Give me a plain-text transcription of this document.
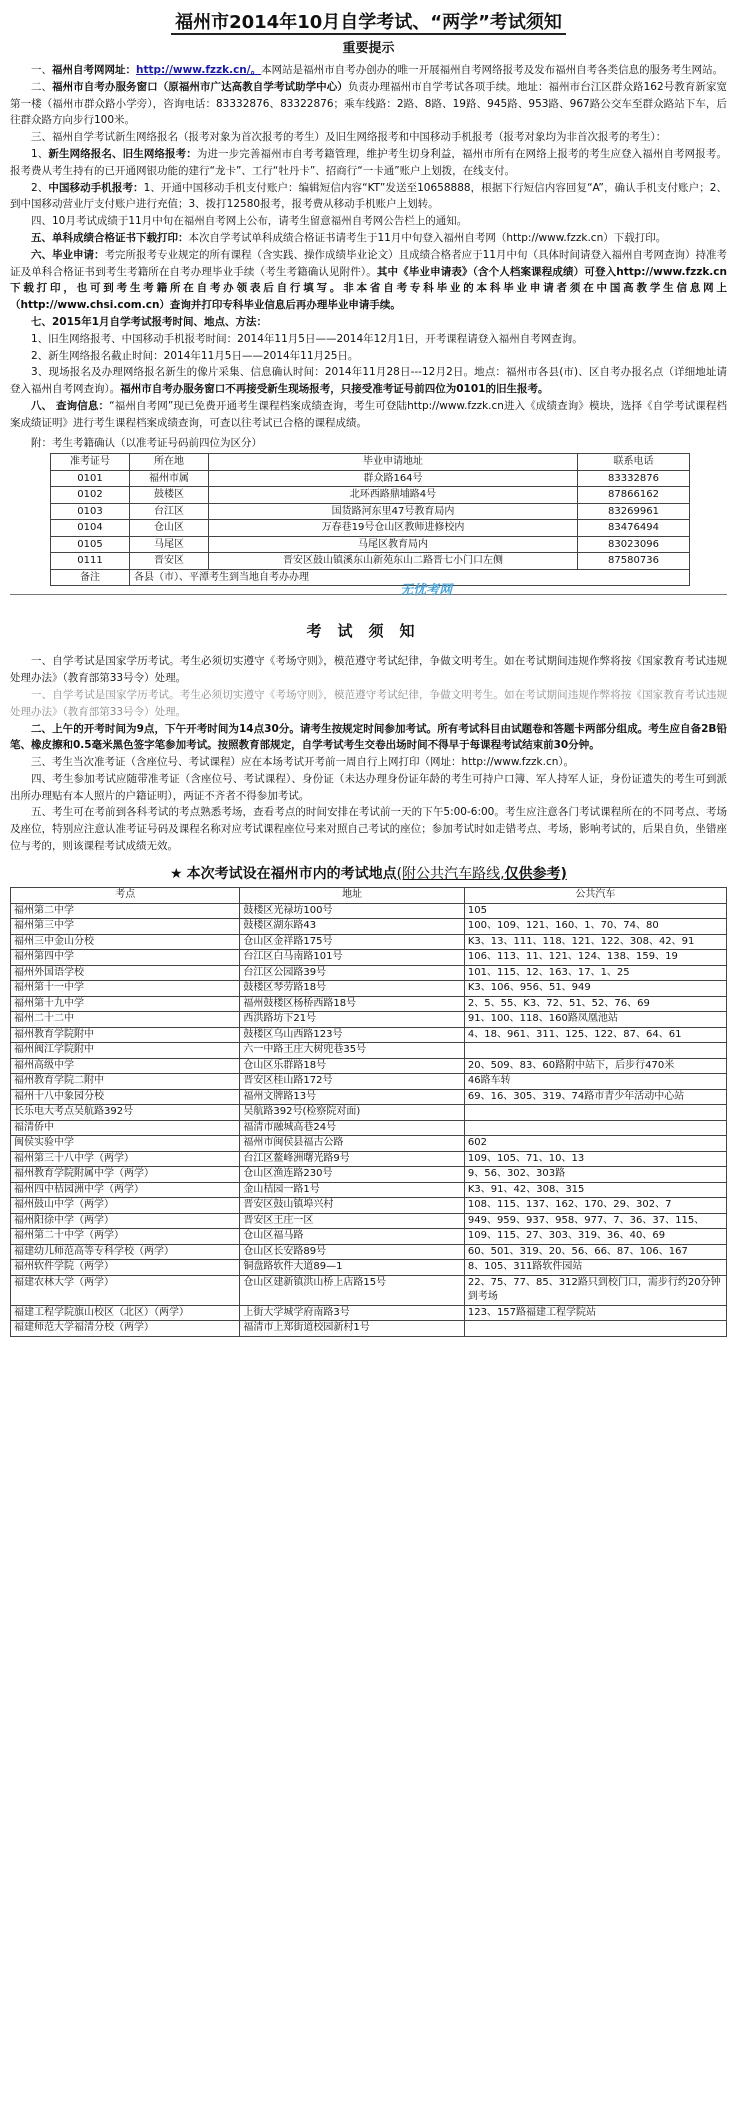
福州市2014年10月自学考试、“两学”考试须知
重要提示

一、福州自考网网址：http://www.fzzk.cn/。本网站是福州市自考办创办的唯一开展福州自考网络报考及发布福州自考各类信息的服务考生网站。

二、福州市自考办服务窗口（原福州市广达高教自学考试助学中心）负责办理福州市自学考试各项手续。地址：福州市台江区群众路162号教育新家宽第一楼（福州市群众路小学旁），咨询电话：83332876、83322876；乘车线路：2路、8路、19路、945路、953路、967路公交车至群众路站下车，后往群众路方向步行100米。

三、福州自学考试新生网络报名（报考对象为首次报考的考生）及旧生网络报考和中国移动手机报考（报考对象均为非首次报考的考生）：

1、新生网络报名、旧生网络报考：为进一步完善福州市自考考籍管理，维护考生切身利益，福州市所有在网络上报考的考生应登入福州自考网报考。报考费从考生持有的已开通网银功能的建行“龙卡”、工行“牡丹卡”、招商行“一卡通”账户上划拨，在线支付。

2、中国移动手机报考：1、开通中国移动手机支付账户：编辑短信内容“KT”发送至10658888，根据下行短信内容回复“A”，确认手机支付账户；2、到中国移动营业厅支付账户进行充值；3、拨打12580报考，报考费从移动手机账户上划转。

四、10月考试成绩于11月中旬在福州自考网上公布，请考生留意福州自考网公告栏上的通知。

五、单科成绩合格证书下载打印：本次自学考试单科成绩合格证书请考生于11月中旬登入福州自考网（http://www.fzzk.cn）下载打印。

六、毕业申请：考完所报考专业规定的所有课程（含实践、操作成绩毕业论文）且成绩合格者应于11月中旬（具体时间请登入福州自考网查询）持准考证及单科合格证书到考生考籍所在自考办理毕业手续（考生考籍确认见附件）。其中《毕业申请表》（含个人档案课程成绩）可登入http://www.fzzk.cn下载打印，也可到考生考籍所在自考办领表后自行填写。非本省自考专科毕业的本科毕业申请者须在中国高教学生信息网上（http://www.chsi.com.cn）查询并打印专科毕业信息后再办理毕业申请手续。

七、2015年1月自学考试报考时间、地点、方法：

1、旧生网络报考、中国移动手机报考时间：2014年11月5日——2014年12月1日，开考课程请登入福州自考网查询。

2、新生网络报名截止时间：2014年11月5日——2014年11月25日。

3、现场报名及办理网络报名新生的像片采集、信息确认时间：2014年11月28日---12月2日。地点：福州市各县(市)、区自考办报名点（详细地址请登入福州自考网查询）。福州市自考办服务窗口不再接受新生现场报考，只接受准考证号前四位为0101的旧生报考。

八、 查询信息：“福州自考网”现已免费开通考生课程档案成绩查询，考生可登陆http://www.fzzk.cn进入《成绩查询》模块，选择《自学考试课程档案成绩证明》进行考生课程档案成绩查询，可查以往考试已合格的课程成绩。

附：考生考籍确认（以准考证号码前四位为区分）

准考证号	所在地	毕业申请地址	联系电话
0101	福州市属	群众路164号	83332876
0102	鼓楼区	北环西路鼎埔路4号	87866162
0103	台江区	国货路河东里47号教育局内	83269961
0104	仓山区	万春巷19号仓山区教师进修校内	83476494
0105	马尾区	马尾区教育局内	83023096
0111	晋安区	晋安区鼓山镇溪东山新苑东山二路晋七小门口左侧	87580736
备注	各县（市）、平潭考生到当地自考办办理		
无忧考网
考试须知

一、自学考试是国家学历考试。考生必须切实遵守《考场守则》，模范遵守考试纪律，争做文明考生。如在考试期间违规作弊将按《国家教育考试违规处理办法》（教育部第33号令）处理。

一、自学考试是国家学历考试。考生必须切实遵守《考场守则》，模范遵守考试纪律，争做文明考生。如在考试期间违规作弊将按《国家教育考试违规处理办法》（教育部第33号令）处理。

二、上午的开考时间为9点，下午开考时间为14点30分。请考生按规定时间参加考试。所有考试科目由试题卷和答题卡两部分组成。考生应自备2B铅笔、橡皮擦和0.5毫米黑色签字笔参加考试。按照教育部规定，自学考试考生交卷出场时间不得早于每课程考试结束前30分钟。

三、考生当次准考证（含座位号、考试课程）应在本场考试开考前一周自行上网打印（网址：http://www.fzzk.cn）。

四、考生参加考试应随带准考证（含座位号、考试课程）、身份证（未达办理身份证年龄的考生可持户口簿、军人持军人证，身份证遗失的考生可到派出所办理贴有本人照片的户籍证明），两证不齐者不得参加考试。

五、考生可在考前到各科考试的考点熟悉考场，查看考点的时间安排在考试前一天的下午5:00-6:00。考生应注意各门考试课程所在的不同考点、考场及座位，特别应注意认准考证号码及课程名称对应考试课程座位号来对照自己考试的座位；参加考试时如走错考点、考场，影响考试的，后果自负，坐错座位与考的，则该课程考试成绩无效。

★ 本次考试设在福州市内的考试地点(附公共汽车路线,仅供参考)
考点	地址	公共汽车
福州第二中学	鼓楼区光禄坊100号	105
福州第三中学	鼓楼区湖东路43	100、109、121、160、1、70、74、80
福州三中金山分校	仓山区金祥路175号	K3、13、111、118、121、122、308、42、91
福州第四中学	台江区白马南路101号	106、113、11、121、124、138、159、19
福州外国语学校	台江区公园路39号	101、115、12、163、17、1、25
福州第十一中学	鼓楼区琴劳路18号	K3、106、956、51、949
福州第十九中学	福州鼓楼区杨桥西路18号	2、5、55、K3、72、51、52、76、69
福州二十二中	西洪路坊下21号	91、100、118、160路凤凰池站
福州教育学院附中	鼓楼区乌山西路123号	4、18、961、311、125、122、87、64、61
福州阀江学院附中	六一中路王庄大树兜巷35号	
福州高级中学	仓山区乐群路18号	20、509、83、60路附中站下，后步行470米
福州教育学院二附中	晋安区桂山路172号	46路车转
福州十八中象园分校	福州文牌路13号	69、16、305、319、74路市青少年活动中心站
长乐电大考点吴航路392号	吴航路392号(检察院对面)	
福清侨中	福清市融城高巷24号	
闽侯实验中学	福州市闽侯县福古公路	602
福州第三十八中学（两学）	台江区鳌峰洲曙光路9号	109、105、71、10、13
福州教育学院附属中学（两学）	仓山区渔连路230号	9、56、302、303路
福州四中桔园洲中学（两学）	金山桔园一路1号	K3、91、42、308、315
福州鼓山中学（两学）	晋安区鼓山镇埠兴村	108、115、137、162、170、29、302、7
福州阳徐中学（两学）	晋安区王庄一区	949、959、937、958、977、7、36、37、115、
福州第二十中学（两学）	仓山区福马路	109、115、27、303、319、36、40、69
福建幼儿师范高等专科学校（两学）	仓山区长安路89号	60、501、319、20、56、66、87、106、167
福州软件学院（两学）	铜盘路软件大道89—1	8、105、311路软件园站
福建农林大学（两学）	仓山区建新镇洪山桥上店路15号	22、75、77、85、312路只到校门口，需步行约20分钟到考场
福建工程学院旗山校区（北区）（两学）	上街大学城学府南路3号	123、157路福建工程学院站
福建师范大学福清分校（两学）	福清市上郑街道校园新村1号	
